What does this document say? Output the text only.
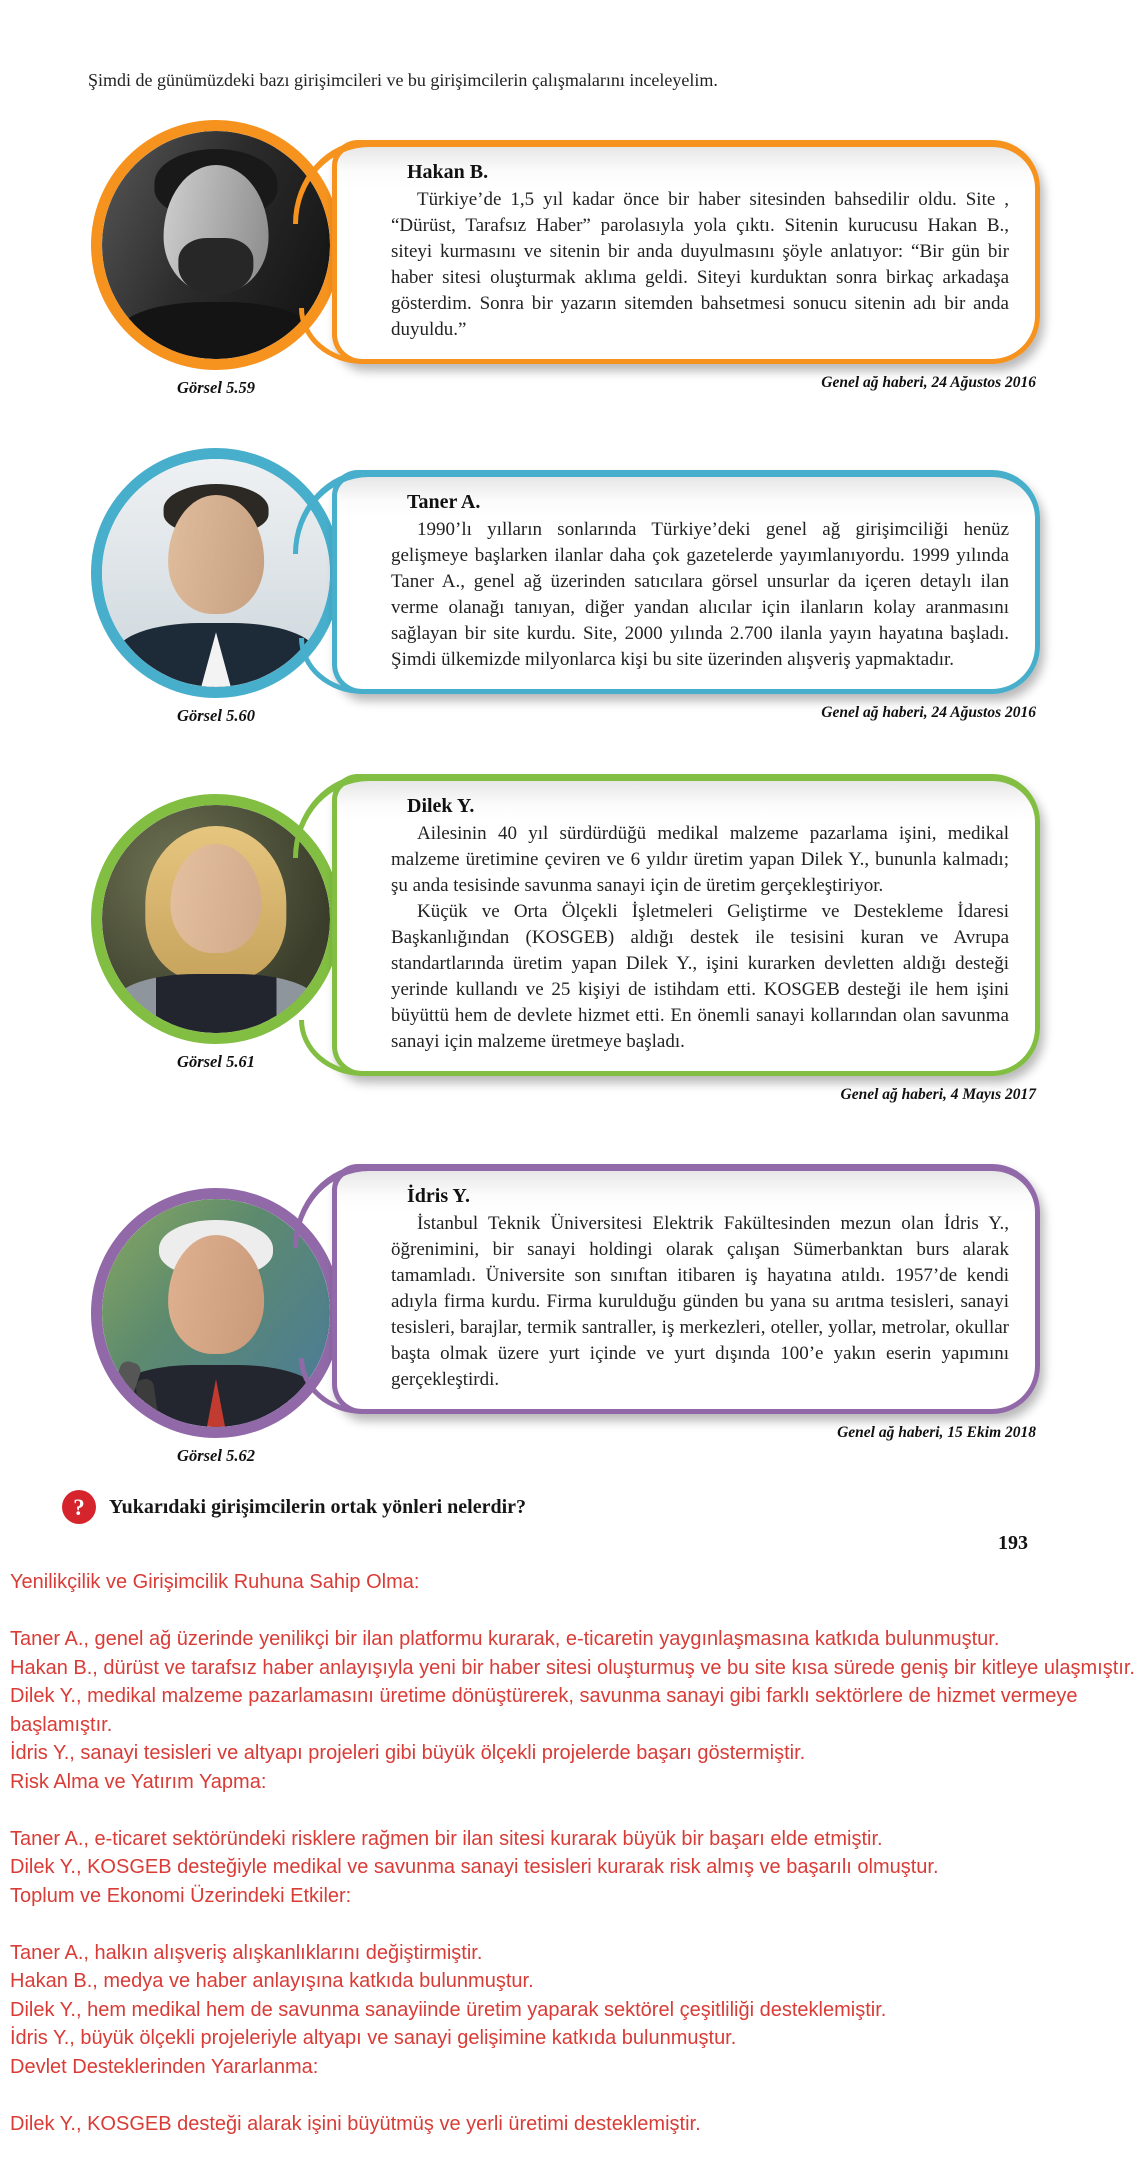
Şimdi de günümüzdeki bazı girişimcileri ve bu girişimcilerin çalışmalarını inceleyelim.
Görsel 5.59
Hakan B.

Türkiye’de 1,5 yıl kadar önce bir haber sitesinden bahsedilir oldu. Site , “Dürüst, Tarafsız Haber” parolasıyla yola çıktı. Sitenin kurucusu Hakan B., siteyi kurmasını ve sitenin bir anda duyulmasını şöyle anlatıyor: “Bir gün bir haber sitesi oluşturmak aklıma geldi. Siteyi kurduktan sonra birkaç arkadaşa gösterdim. Sonra bir yazarın sitemden bahsetmesi sonucu sitenin adı bir anda duyuldu.”

Genel ağ haberi, 24 Ağustos 2016
Görsel 5.60
Taner A.

1990’lı yılların sonlarında Türkiye’deki genel ağ girişimciliği henüz gelişmeye başlarken ilanlar daha çok gazetelerde yayımlanıyordu. 1999 yılında Taner A., genel ağ üzerinden satıcılara görsel unsurlar da içeren detaylı ilan verme olanağı tanıyan, diğer yandan alıcılar için ilanların kolay aranmasını sağlayan bir site kurdu. Site, 2000 yılında 2.700 ilanla yayın hayatına başladı. Şimdi ülkemizde milyonlarca kişi bu site üzerinden alışveriş yapmaktadır.

Genel ağ haberi, 24 Ağustos 2016
Görsel 5.61
Dilek Y.

Ailesinin 40 yıl sürdürdüğü medikal malzeme pazarlama işini, medikal malzeme üretimine çeviren ve 6 yıldır üretim yapan Dilek Y., bununla kalmadı; şu anda tesisinde savunma sanayi için de üretim gerçekleştiriyor.

Küçük ve Orta Ölçekli İşletmeleri Geliştirme ve Destekleme İdaresi Başkanlığından (KOSGEB) aldığı destek ile tesisini kuran ve Avrupa standartlarında üretim yapan Dilek Y., işini kurarken devletten aldığı desteği yerinde kullandı ve 25 kişiyi de istihdam etti. KOSGEB desteği ile hem işini büyüttü hem de devlete hizmet etti. En önemli sanayi kollarından olan savunma sanayi için malzeme üretmeye başladı.

Genel ağ haberi, 4 Mayıs 2017
Görsel 5.62
İdris Y.

İstanbul Teknik Üniversitesi Elektrik Fakültesinden mezun olan İdris Y., öğrenimini, bir sanayi holdingi olarak çalışan Sümerbanktan burs alarak tamamladı. Üniversite son sınıftan itibaren iş hayatına atıldı. 1957’de kendi adıyla firma kurdu. Firma kurulduğu günden bu yana su arıtma tesisleri, sanayi tesisleri, barajlar, termik santraller, iş merkezleri, oteller, yollar, metrolar, okullar başta olmak üzere yurt içinde ve yurt dışında 100’e yakın eserin yapımını gerçekleştirdi.

Genel ağ haberi, 15 Ekim 2018
?	Yukarıdaki girişimcilerin ortak yönleri nelerdir?
193

Yenilikçilik ve Girişimcilik Ruhuna Sahip Olma:

Taner A., genel ağ üzerinde yenilikçi bir ilan platformu kurarak, e-ticaretin yaygınlaşmasına katkıda bulunmuştur.

Hakan B., dürüst ve tarafsız haber anlayışıyla yeni bir haber sitesi oluşturmuş ve bu site kısa sürede geniş bir kitleye ulaşmıştır.

Dilek Y., medikal malzeme pazarlamasını üretime dönüştürerek, savunma sanayi gibi farklı sektörlere de hizmet vermeye başlamıştır.

İdris Y., sanayi tesisleri ve altyapı projeleri gibi büyük ölçekli projelerde başarı göstermiştir.

Risk Alma ve Yatırım Yapma:

Taner A., e-ticaret sektöründeki risklere rağmen bir ilan sitesi kurarak büyük bir başarı elde etmiştir.

Dilek Y., KOSGEB desteğiyle medikal ve savunma sanayi tesisleri kurarak risk almış ve başarılı olmuştur.

Toplum ve Ekonomi Üzerindeki Etkiler:

Taner A., halkın alışveriş alışkanlıklarını değiştirmiştir.

Hakan B., medya ve haber anlayışına katkıda bulunmuştur.

Dilek Y., hem medikal hem de savunma sanayiinde üretim yaparak sektörel çeşitliliği desteklemiştir.

İdris Y., büyük ölçekli projeleriyle altyapı ve sanayi gelişimine katkıda bulunmuştur.

Devlet Desteklerinden Yararlanma:

Dilek Y., KOSGEB desteği alarak işini büyütmüş ve yerli üretimi desteklemiştir.
